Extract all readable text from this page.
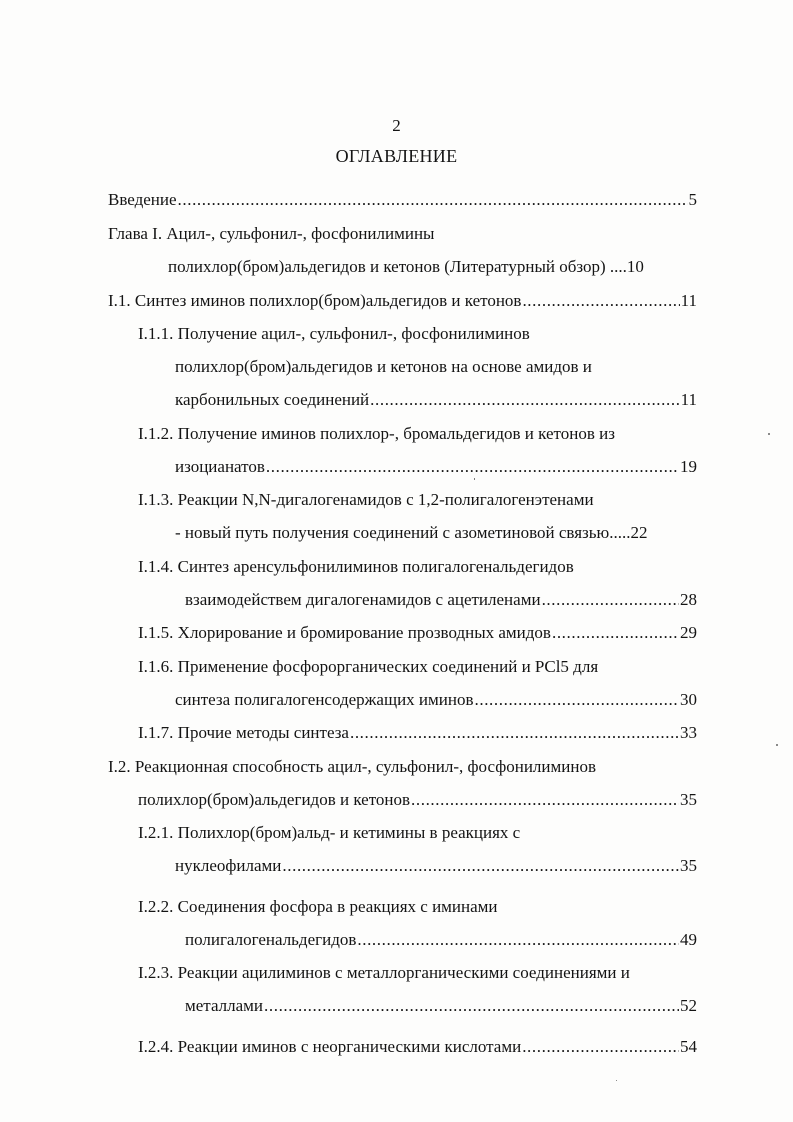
2
ОГЛАВЛЕНИЕ
Введение .....	5
Глава I. Ацил-, сульфонил-, фосфонилимины
полихлор(бром)альдегидов и кетонов (Литературный обзор) .... 10
I.1. Синтез иминов полихлор(бром)альдегидов и кетонов .....	11
I.1.1. Получение ацил-, сульфонил-, фосфонилиминов
полихлор(бром)альдегидов и кетонов на основе амидов и
карбонильных соединений .....	11
I.1.2. Получение иминов полихлор-, бромальдегидов и кетонов из
изоцианатов .....	19
I.1.3. Реакции N,N-дигалогенамидов с 1,2-полигалогенэтенами
- новый путь получения соединений с азометиновой связью..... 22
I.1.4. Синтез аренсульфонилиминов полигалогенальдегидов
взаимодействем дигалогенамидов с ацетиленами .....	28
I.1.5. Хлорирование и бромирование прозводных амидов .....	29
I.1.6. Применение фосфорорганических соединений и PCl5 для
синтеза полигалогенсодержащих иминов .....	30
I.1.7. Прочие методы синтеза .....	33
I.2. Реакционная способность ацил-, сульфонил-, фосфонилиминов
полихлор(бром)альдегидов и кетонов .....	35
I.2.1. Полихлор(бром)альд- и кетимины в реакциях с
нуклеофилами .....	35
I.2.2. Соединения фосфора в реакциях с иминами
полигалогенальдегидов .....	49
I.2.3. Реакции ацилиминов с металлорганическими соединениями и
металлами .....	52
I.2.4. Реакции иминов с неорганическими кислотами .....	54
